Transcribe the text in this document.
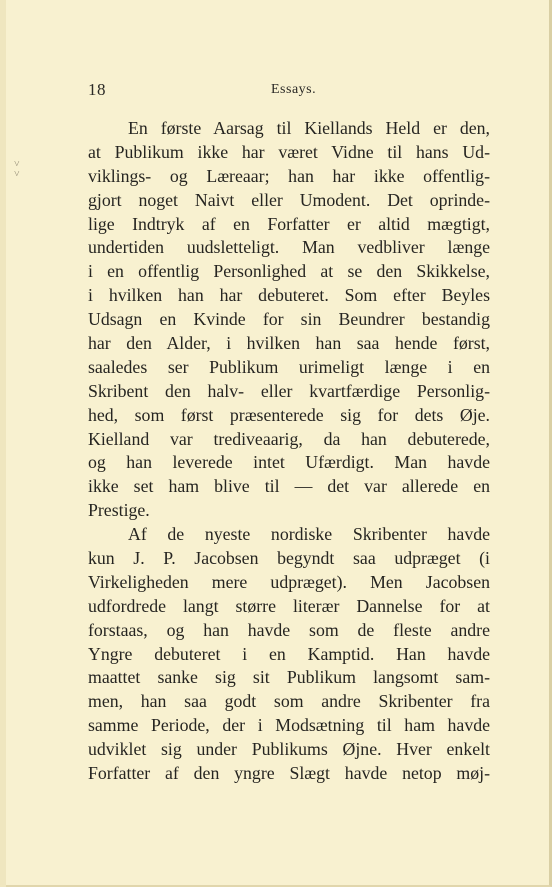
˅
˅
18	Essays.
En første Aarsag til Kiellands Held er den,
at Publikum ikke har været Vidne til hans Ud-
viklings- og Læreaar; han har ikke offentlig-
gjort noget Naivt eller Umodent. Det oprinde-
lige Indtryk af en Forfatter er altid mægtigt,
undertiden uudsletteligt. Man vedbliver længe
i en offentlig Personlighed at se den Skikkelse,
i hvilken han har debuteret. Som efter Beyles
Udsagn en Kvinde for sin Beundrer bestandig
har den Alder, i hvilken han saa hende først,
saaledes ser Publikum urimeligt længe i en
Skribent den halv- eller kvartfærdige Personlig-
hed, som først præsenterede sig for dets Øje.
Kielland var trediveaarig, da han debuterede,
og han leverede intet Ufærdigt. Man havde
ikke set ham blive til — det var allerede en
Prestige.
Af de nyeste nordiske Skribenter havde
kun J. P. Jacobsen begyndt saa udpræget (i
Virkeligheden mere udpræget). Men Jacobsen
udfordrede langt større literær Dannelse for at
forstaas, og han havde som de fleste andre
Yngre debuteret i en Kamptid. Han havde
maattet sanke sig sit Publikum langsomt sam-
men, han saa godt som andre Skribenter fra
samme Periode, der i Modsætning til ham havde
udviklet sig under Publikums Øjne. Hver enkelt
Forfatter af den yngre Slægt havde netop møj-
